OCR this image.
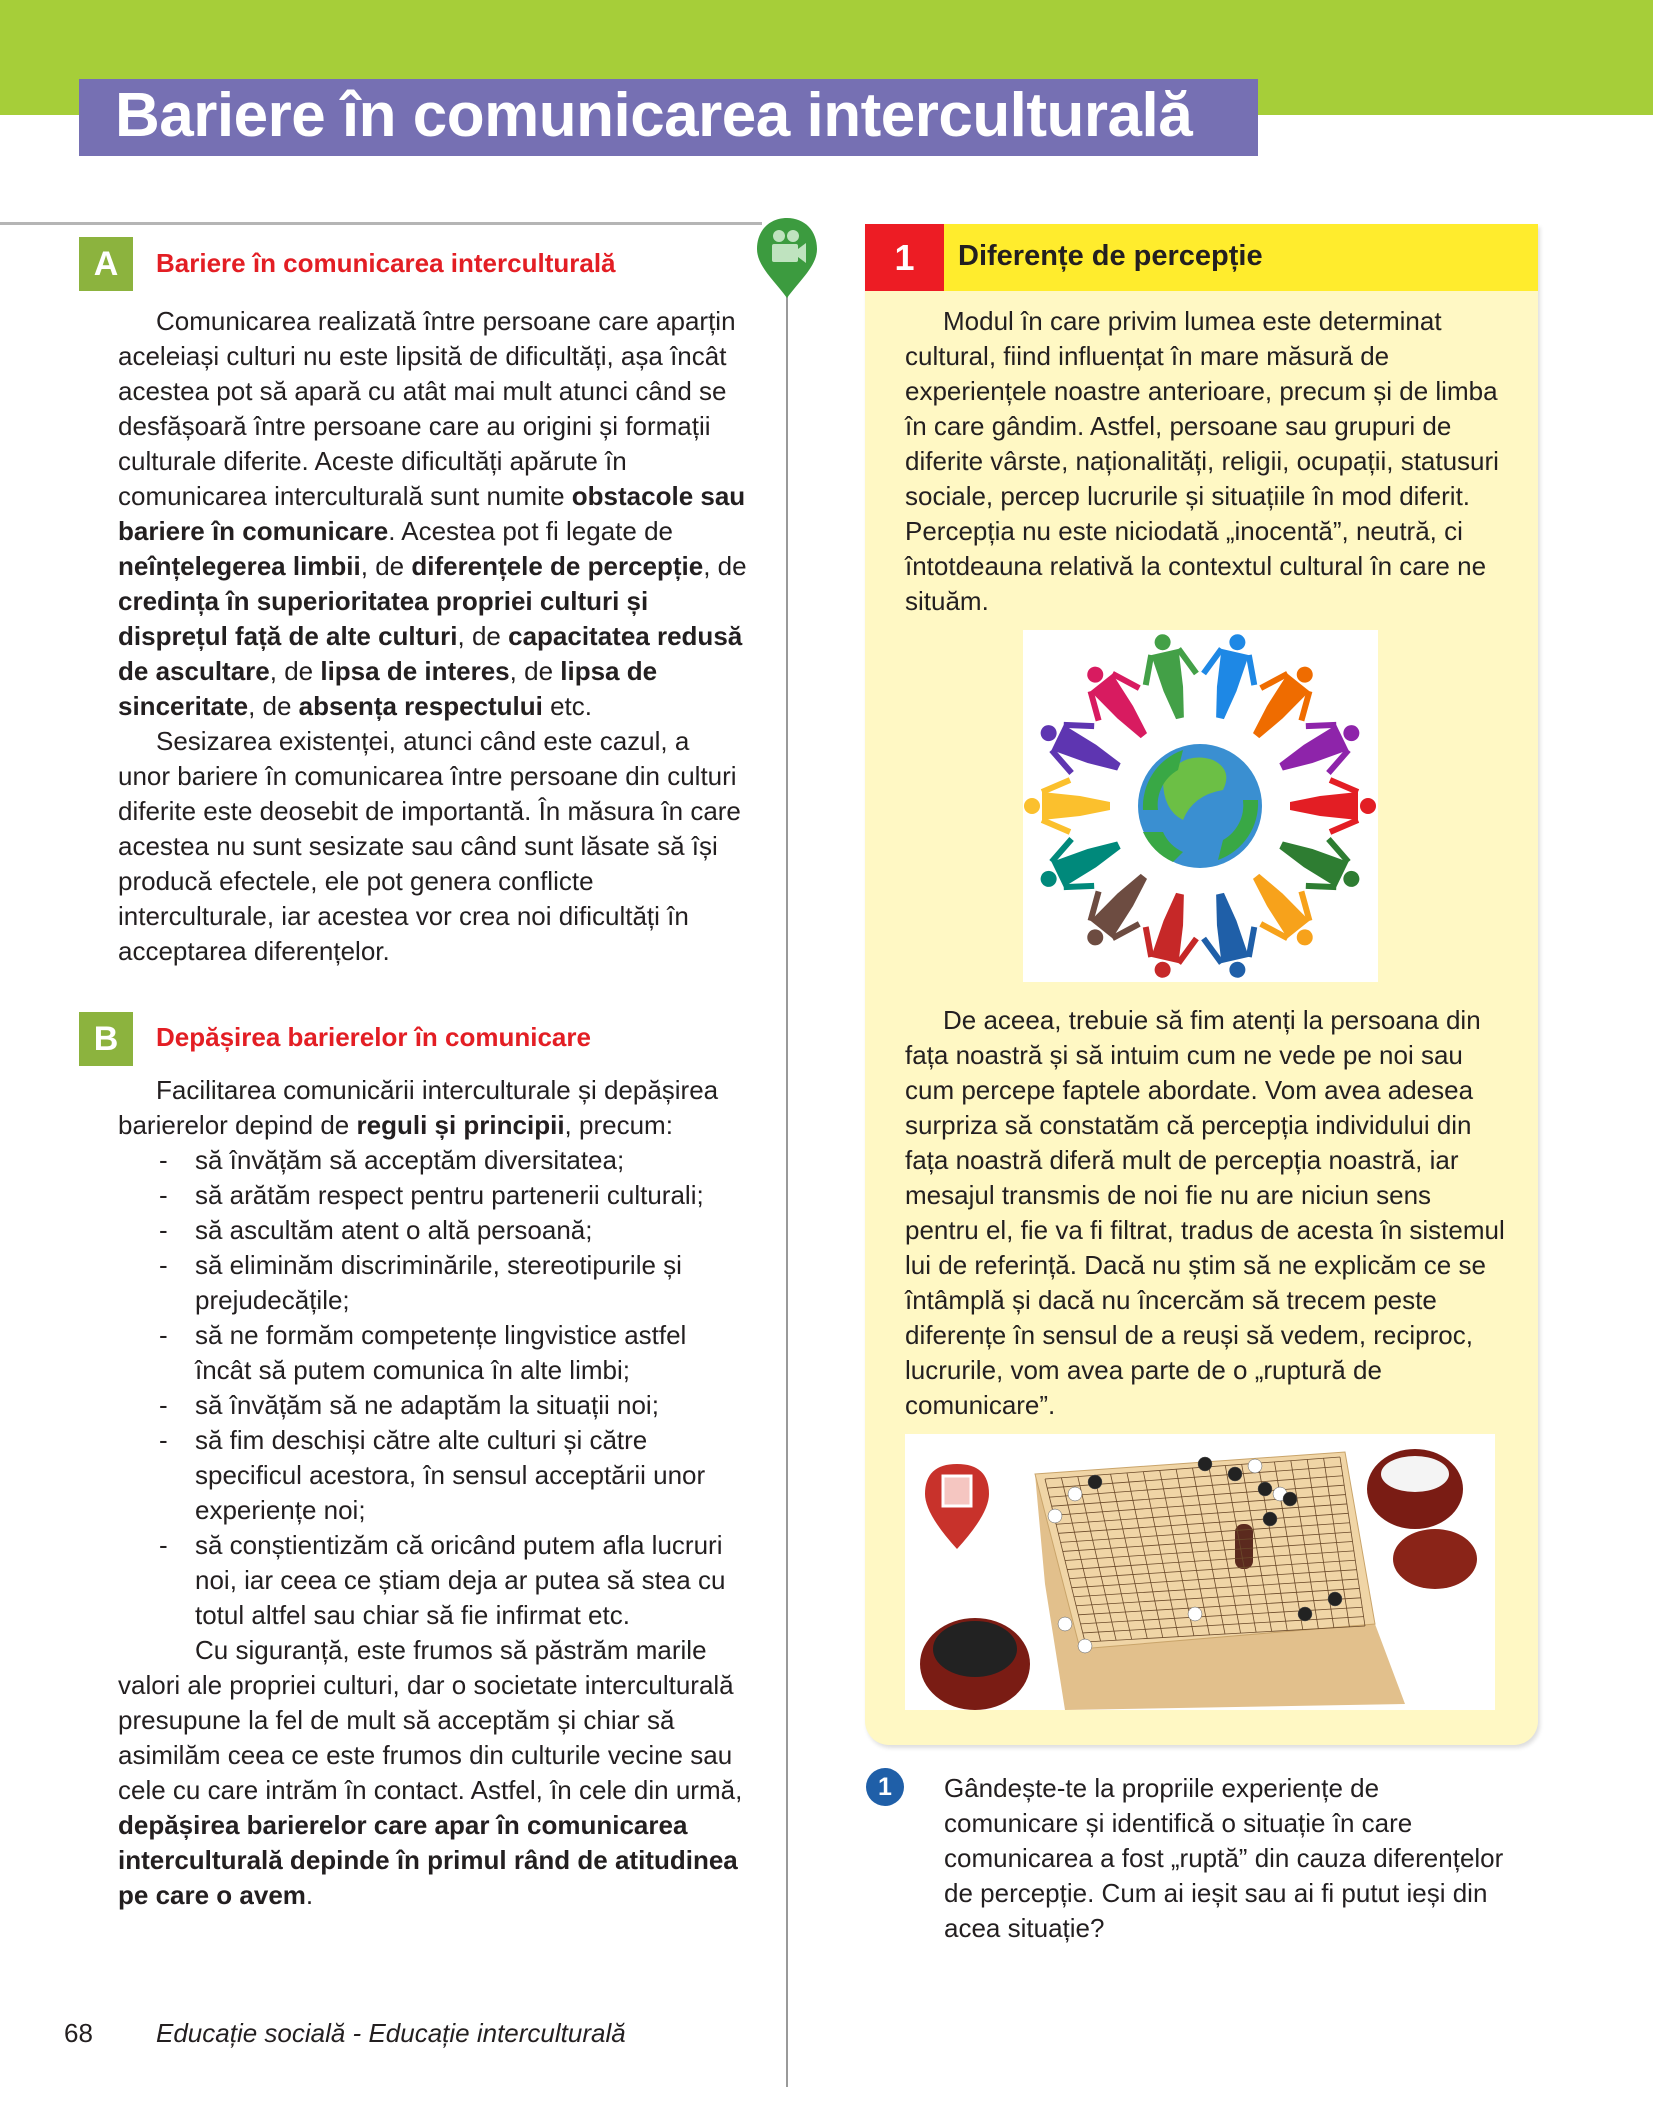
Bariere în comunicarea interculturală
A	Bariere în comunicarea interculturală

Comunicarea realizată între persoane care aparțin aceleiași culturi nu este lipsită de dificultăți, așa încât acestea pot să apară cu atât mai mult atunci când se desfășoară între persoane care au origini și formații culturale diferite. Aceste dificultăți apărute în comunicarea interculturală sunt numite obstacole sau bariere în comunicare. Acestea pot fi legate de neînțelegerea limbii, de diferențele de percepție, de credința în superioritatea propriei culturi și disprețul față de alte culturi, de capacitatea redusă de ascultare, de lipsa de interes, de lipsa de sinceritate, de absența respectului etc.

Sesizarea existenței, atunci când este cazul, a unor bariere în comunicarea între persoane din culturi diferite este deosebit de importantă. În măsura în care acestea nu sunt sesizate sau când sunt lăsate să își producă efectele, ele pot genera conflicte interculturale, iar acestea vor crea noi dificultăți în acceptarea diferențelor.

B	Depășirea barierelor în comunicare

Facilitarea comunicării interculturale și depășirea barierelor depind de reguli și principii, precum:

- să învățăm să acceptăm diversitatea;
- să arătăm respect pentru partenerii culturali;
- să ascultăm atent o altă persoană;
- să eliminăm discriminările, stereotipurile și prejudecățile;
- să ne formăm competențe lingvistice astfel încât să putem comunica în alte limbi;
- să învățăm să ne adaptăm la situații noi;
- să fim deschiși către alte culturi și către specificul acestora, în sensul acceptării unor experiențe noi;
- să conștientizăm că oricând putem afla lucruri noi, iar ceea ce știam deja ar putea să stea cu totul altfel sau chiar să fie infirmat etc.

Cu siguranță, este frumos să păstrăm marile valori ale propriei culturi, dar o societate interculturală presupune la fel de mult să acceptăm și chiar să asimilăm ceea ce este frumos din culturile vecine sau cele cu care intrăm în contact. Astfel, în cele din urmă, depășirea barierelor care apar în comunicarea interculturală depinde în primul rând de atitudinea pe care o avem.

1	Diferențe de percepție

Modul în care privim lumea este determinat cultural, fiind influențat în mare măsură de experiențele noastre anterioare, precum și de limba în care gândim. Astfel, persoane sau grupuri de diferite vârste, naționalități, religii, ocupații, statusuri sociale, percep lucrurile și situațiile în mod diferit. Percepția nu este niciodată „inocentă”, neutră, ci întotdeauna relativă la contextul cultural în care ne situăm.

De aceea, trebuie să fim atenți la persoana din fața noastră și să intuim cum ne vede pe noi sau cum percepe faptele abordate. Vom avea adesea surpriza să constatăm că percepția individului din fața noastră diferă mult de percepția noastră, iar mesajul transmis de noi fie nu are niciun sens pentru el, fie va fi filtrat, tradus de acesta în sistemul lui de referință. Dacă nu știm să ne explicăm ce se întâmplă și dacă nu încercăm să trecem peste diferențe în sensul de a reuși să vedem, reciproc, lucrurile, vom avea parte de o „ruptură de comunicare”.

1	Gândește-te la propriile experiențe de comunicare și identifică o situație în care comunicarea a fost „ruptă” din cauza diferențelor de percepție. Cum ai ieșit sau ai fi putut ieși din acea situație?
68 Educație socială - Educație interculturală
